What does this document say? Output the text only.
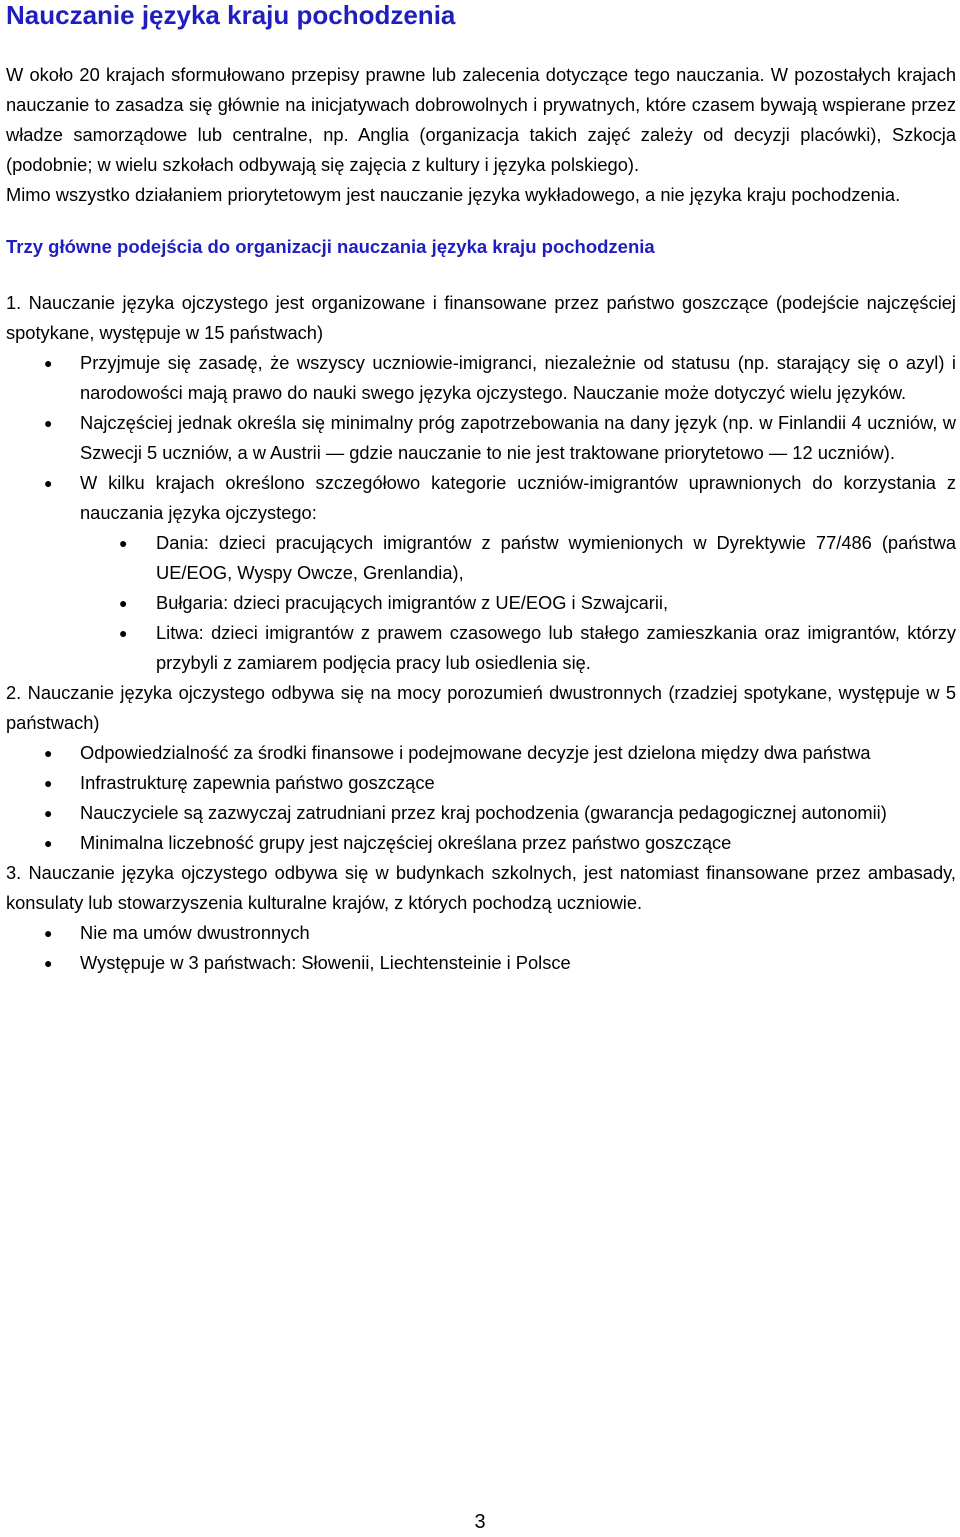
Nauczanie języka kraju pochodzenia

W około 20 krajach sformułowano przepisy prawne lub zalecenia dotyczące tego nauczania. W pozostałych krajach nauczanie to zasadza się głównie na inicjatywach dobrowolnych i prywatnych, które czasem bywają wspierane przez władze samorządowe lub centralne, np. Anglia (organizacja takich zajęć zależy od decyzji placówki), Szkocja (podobnie; w wielu szkołach odbywają się zajęcia z kultury i języka polskiego).

Mimo wszystko działaniem priorytetowym jest nauczanie języka wykładowego, a nie języka kraju pochodzenia.

Trzy główne podejścia do organizacji nauczania języka kraju pochodzenia

1. Nauczanie języka ojczystego jest organizowane i finansowane przez państwo goszczące (podejście najczęściej spotykane, występuje w 15 państwach)

● Przyjmuje się zasadę, że wszyscy uczniowie-imigranci, niezależnie od statusu (np. starający się o azyl) i narodowości mają prawo do nauki swego języka ojczystego. Nauczanie może dotyczyć wielu języków.
● Najczęściej jednak określa się minimalny próg zapotrzebowania na dany język (np. w Finlandii 4 uczniów, w Szwecji 5 uczniów, a w Austrii — gdzie nauczanie to nie jest traktowane priorytetowo — 12 uczniów).
● W kilku krajach określono szczegółowo kategorie uczniów-imigrantów uprawnionych do korzystania z nauczania języka ojczystego:
● Dania: dzieci pracujących imigrantów z państw wymienionych w Dyrektywie 77/486 (państwa UE/EOG, Wyspy Owcze, Grenlandia),
● Bułgaria: dzieci pracujących imigrantów z UE/EOG i Szwajcarii,
● Litwa: dzieci imigrantów z prawem czasowego lub stałego zamieszkania oraz imigrantów, którzy przybyli z zamiarem podjęcia pracy lub osiedlenia się.

2. Nauczanie języka ojczystego odbywa się na mocy porozumień dwustronnych (rzadziej spotykane, występuje w 5 państwach)

● Odpowiedzialność za środki finansowe i podejmowane decyzje jest dzielona między dwa państwa
● Infrastrukturę zapewnia państwo goszczące
● Nauczyciele są zazwyczaj zatrudniani przez kraj pochodzenia (gwarancja pedagogicznej autonomii)
● Minimalna liczebność grupy jest najczęściej określana przez państwo goszczące

3. Nauczanie języka ojczystego odbywa się w budynkach szkolnych, jest natomiast finansowane przez ambasady, konsulaty lub stowarzyszenia kulturalne krajów, z których pochodzą uczniowie.

● Nie ma umów dwustronnych
● Występuje w 3 państwach: Słowenii, Liechtensteinie i Polsce
3
